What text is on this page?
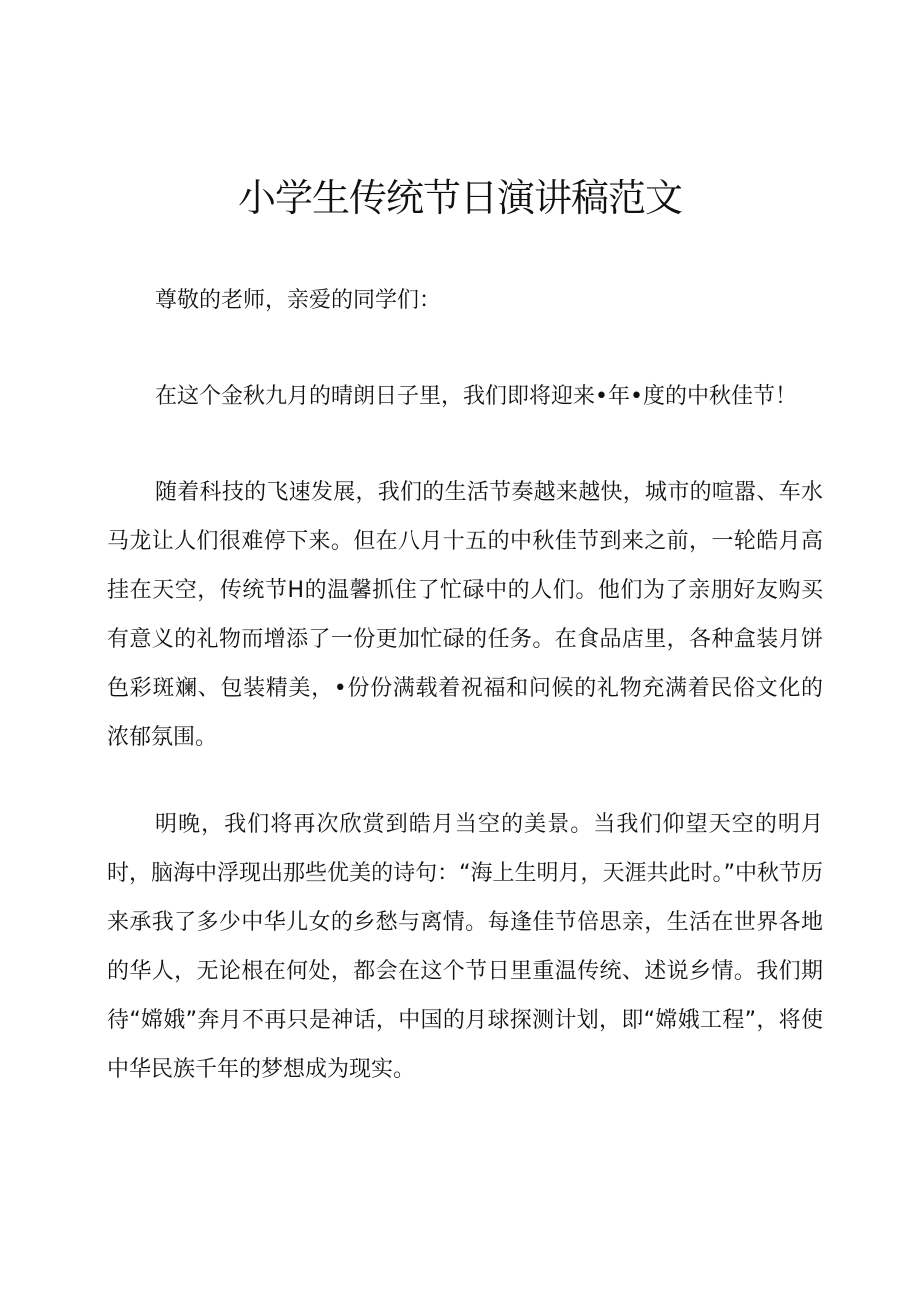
小学生传统节日演讲稿范文

尊敬的老师，亲爱的同学们：

在这个金秋九月的晴朗日子里，我们即将迎来•年•度的中秋佳节！

随着科技的飞速发展，我们的生活节奏越来越快，城市的喧嚣、车水马龙让人们很难停下来。但在八月十五的中秋佳节到来之前，一轮皓月高挂在天空，传统节H的温馨抓住了忙碌中的人们。他们为了亲朋好友购买有意义的礼物而增添了一份更加忙碌的任务。在食品店里，各种盒装月饼色彩斑斓、包装精美，•份份满载着祝福和问候的礼物充满着民俗文化的浓郁氛围。

明晚，我们将再次欣赏到皓月当空的美景。当我们仰望天空的明月时，脑海中浮现出那些优美的诗句：“海上生明月，天涯共此时。”中秋节历来承我了多少中华儿女的乡愁与离情。每逢佳节倍思亲，生活在世界各地的华人，无论根在何处，都会在这个节日里重温传统、述说乡情。我们期待“嫦娥”奔月不再只是神话，中国的月球探测计划，即“嫦娥工程”，将使中华民族千年的梦想成为现实。
